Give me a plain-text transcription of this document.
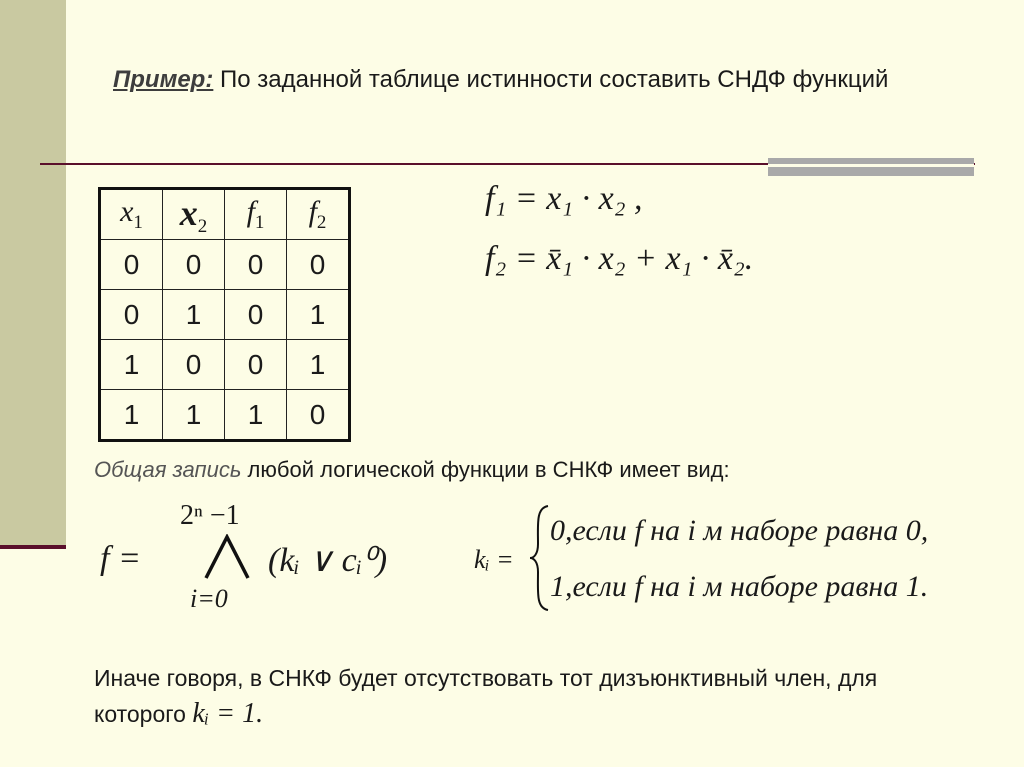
Пример: По заданной таблице истинности составить СНДФ функций
$x_1$	$x_2$	$f_1$	$f_2$
0	0	0	0
0	1	0	1
1	0	0	1
1	1	1	0
f₁ = x₁ · x₂ ,
f₂ = x̄₁ · x₂ + x₁ · x̄₂.
Общая запись любой логической функции в СНКФ имеет вид:
f =
2ⁿ −1
i=0
(kᵢ ∨ cᵢ⁰)	kᵢ =
0,если f на i м наборе равна 0,
1,если f на i м наборе равна 1.
Иначе говоря, в СНКФ будет отсутствовать тот дизъюнктивный член, для которого kᵢ = 1.
